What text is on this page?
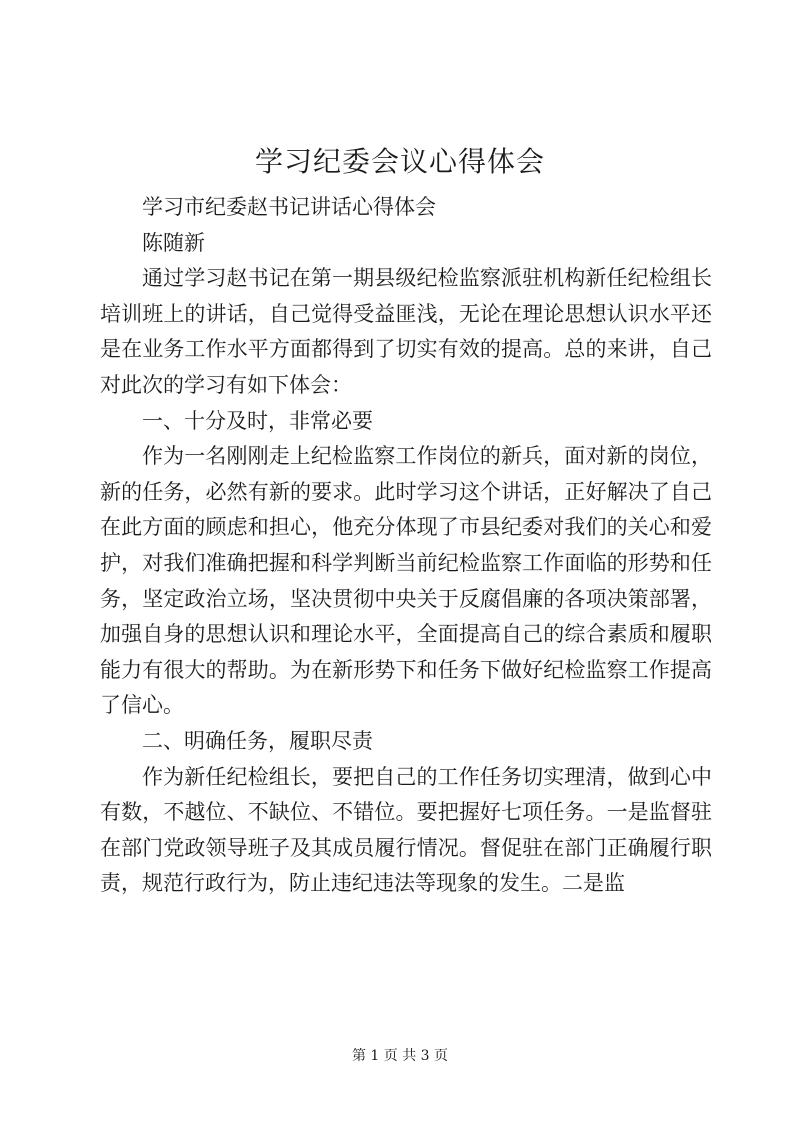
学习纪委会议心得体会

学习市纪委赵书记讲话心得体会

陈随新

通过学习赵书记在第一期县级纪检监察派驻机构新任纪检组长培训班上的讲话，自己觉得受益匪浅，无论在理论思想认识水平还是在业务工作水平方面都得到了切实有效的提高。总的来讲，自己对此次的学习有如下体会：

一、十分及时，非常必要

作为一名刚刚走上纪检监察工作岗位的新兵，面对新的岗位，新的任务，必然有新的要求。此时学习这个讲话，正好解决了自己在此方面的顾虑和担心，他充分体现了市县纪委对我们的关心和爱护，对我们准确把握和科学判断当前纪检监察工作面临的形势和任务，坚定政治立场，坚决贯彻中央关于反腐倡廉的各项决策部署，加强自身的思想认识和理论水平，全面提高自己的综合素质和履职能力有很大的帮助。为在新形势下和任务下做好纪检监察工作提高了信心。

二、明确任务，履职尽责

作为新任纪检组长，要把自己的工作任务切实理清，做到心中有数，不越位、不缺位、不错位。要把握好七项任务。一是监督驻在部门党政领导班子及其成员履行情况。督促驻在部门正确履行职责，规范行政行为，防止违纪违法等现象的发生。二是监

第 1 页 共 3 页
